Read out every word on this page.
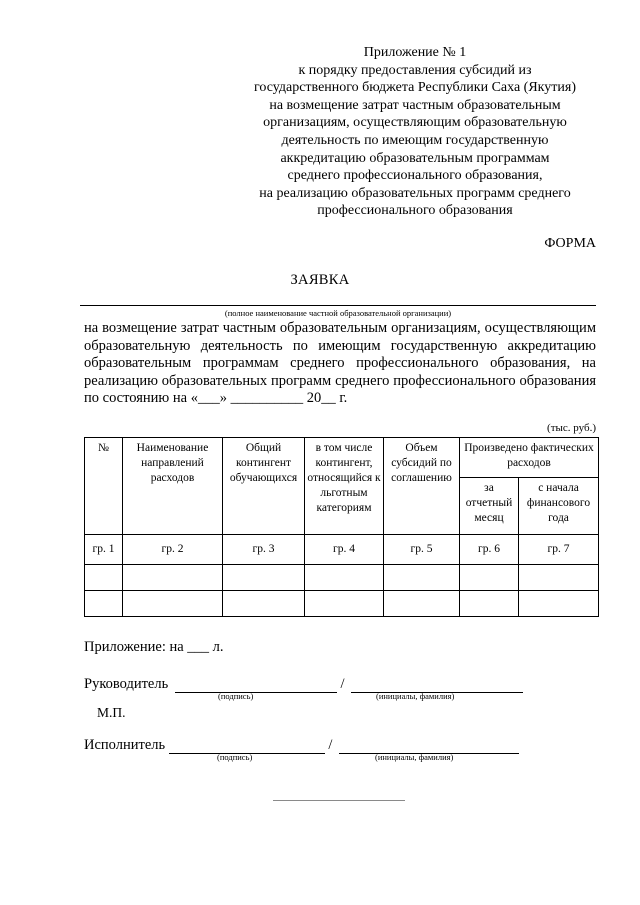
Приложение № 1
к порядку предоставления субсидий из
государственного бюджета Республики Саха (Якутия)
на возмещение затрат частным образовательным
организациям, осуществляющим образовательную
деятельность по имеющим государственную
аккредитацию образовательным программам
среднего профессионального образования,
на реализацию образовательных программ среднего
профессионального образования
ФОРМА
ЗАЯВКА
(полное наименование частной образовательной организации)
на возмещение затрат частным образовательным организациям, осуществляющим образовательную деятельность по имеющим государственную аккредитацию образовательным программам среднего профессионального образования, на реализацию образовательных программ среднего профессионального образования по состоянию на «___» __________ 20__ г.
(тыс. руб.)
№	Наименование направлений расходов	Общий контингент обучающихся	в том числе контингент, относящийся к льготным категориям	Объем субсидий по соглашению	Произведено фактических расходов	
					за отчетный месяц	с начала финансового года
гр. 1	гр. 2	гр. 3	гр. 4	гр. 5	гр. 6	гр. 7

Приложение: на ___ л.
Руководитель	/
(подпись)	(инициалы, фамилия)
М.П.
Исполнитель	/
(подпись)	(инициалы, фамилия)
